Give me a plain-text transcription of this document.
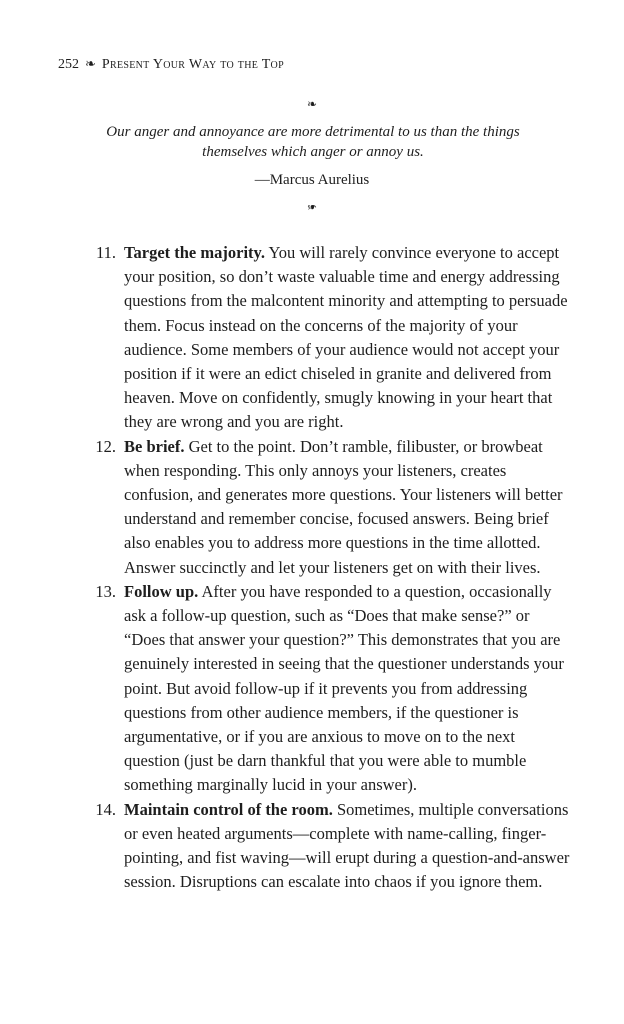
252 ❧ Present Your Way to the Top
❧

Our anger and annoyance are more detrimental to us than the things themselves which anger or annoy us.

—Marcus Aurelius
❧
11. Target the majority. You will rarely convince everyone to accept your position, so don’t waste valuable time and energy addressing questions from the malcontent minority and attempting to persuade them. Focus instead on the concerns of the majority of your audience. Some members of your audience would not accept your position if it were an edict chiseled in granite and delivered from heaven. Move on confidently, smugly knowing in your heart that they are wrong and you are right.
12. Be brief. Get to the point. Don’t ramble, filibuster, or browbeat when responding. This only annoys your listeners, creates confusion, and generates more questions. Your listeners will better understand and remember concise, focused answers. Being brief also enables you to address more questions in the time allotted. Answer succinctly and let your listeners get on with their lives.
13. Follow up. After you have responded to a question, occasionally ask a follow-up question, such as “Does that make sense?” or “Does that answer your question?” This demonstrates that you are genuinely interested in seeing that the questioner understands your point. But avoid follow-up if it prevents you from addressing questions from other audience members, if the questioner is argumentative, or if you are anxious to move on to the next question (just be darn thankful that you were able to mumble something marginally lucid in your answer).
14. Maintain control of the room. Sometimes, multiple conversations or even heated arguments—complete with name-calling, finger-pointing, and fist waving—will erupt during a question-and-answer session. Disruptions can escalate into chaos if you ignore them.
